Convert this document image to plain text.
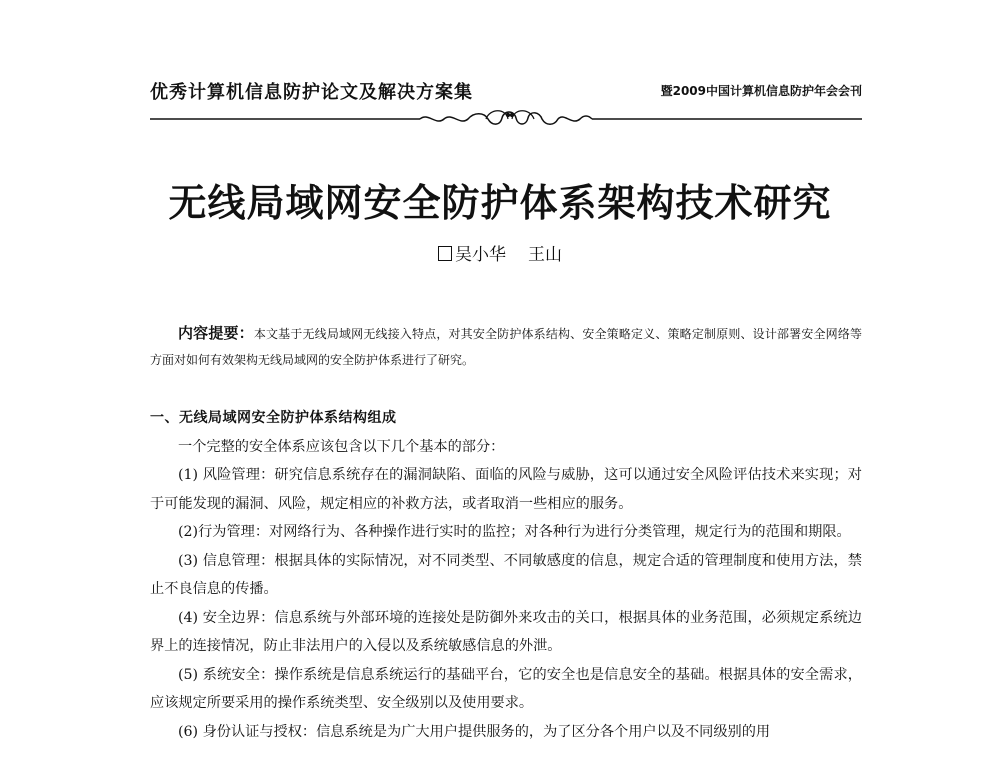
优秀计算机信息防护论文及解决方案集	暨2009中国计算机信息防护年会会刊
无线局域网安全防护体系架构技术研究
吴小华 王山

内容提要：本文基于无线局域网无线接入特点，对其安全防护体系结构、安全策略定义、策略定制原则、设计部署安全网络等方面对如何有效架构无线局域网的安全防护体系进行了研究。

一、无线局域网安全防护体系结构组成

一个完整的安全体系应该包含以下几个基本的部分：

(1) 风险管理：研究信息系统存在的漏洞缺陷、面临的风险与威胁，这可以通过安全风险评估技术来实现；对于可能发现的漏洞、风险，规定相应的补救方法，或者取消一些相应的服务。

(2)行为管理：对网络行为、各种操作进行实时的监控；对各种行为进行分类管理，规定行为的范围和期限。

(3) 信息管理：根据具体的实际情况，对不同类型、不同敏感度的信息，规定合适的管理制度和使用方法，禁止不良信息的传播。

(4) 安全边界：信息系统与外部环境的连接处是防御外来攻击的关口，根据具体的业务范围，必须规定系统边界上的连接情况，防止非法用户的入侵以及系统敏感信息的外泄。

(5) 系统安全：操作系统是信息系统运行的基础平台，它的安全也是信息安全的基础。根据具体的安全需求，应该规定所要采用的操作系统类型、安全级别以及使用要求。

(6) 身份认证与授权：信息系统是为广大用户提供服务的，为了区分各个用户以及不同级别的用
